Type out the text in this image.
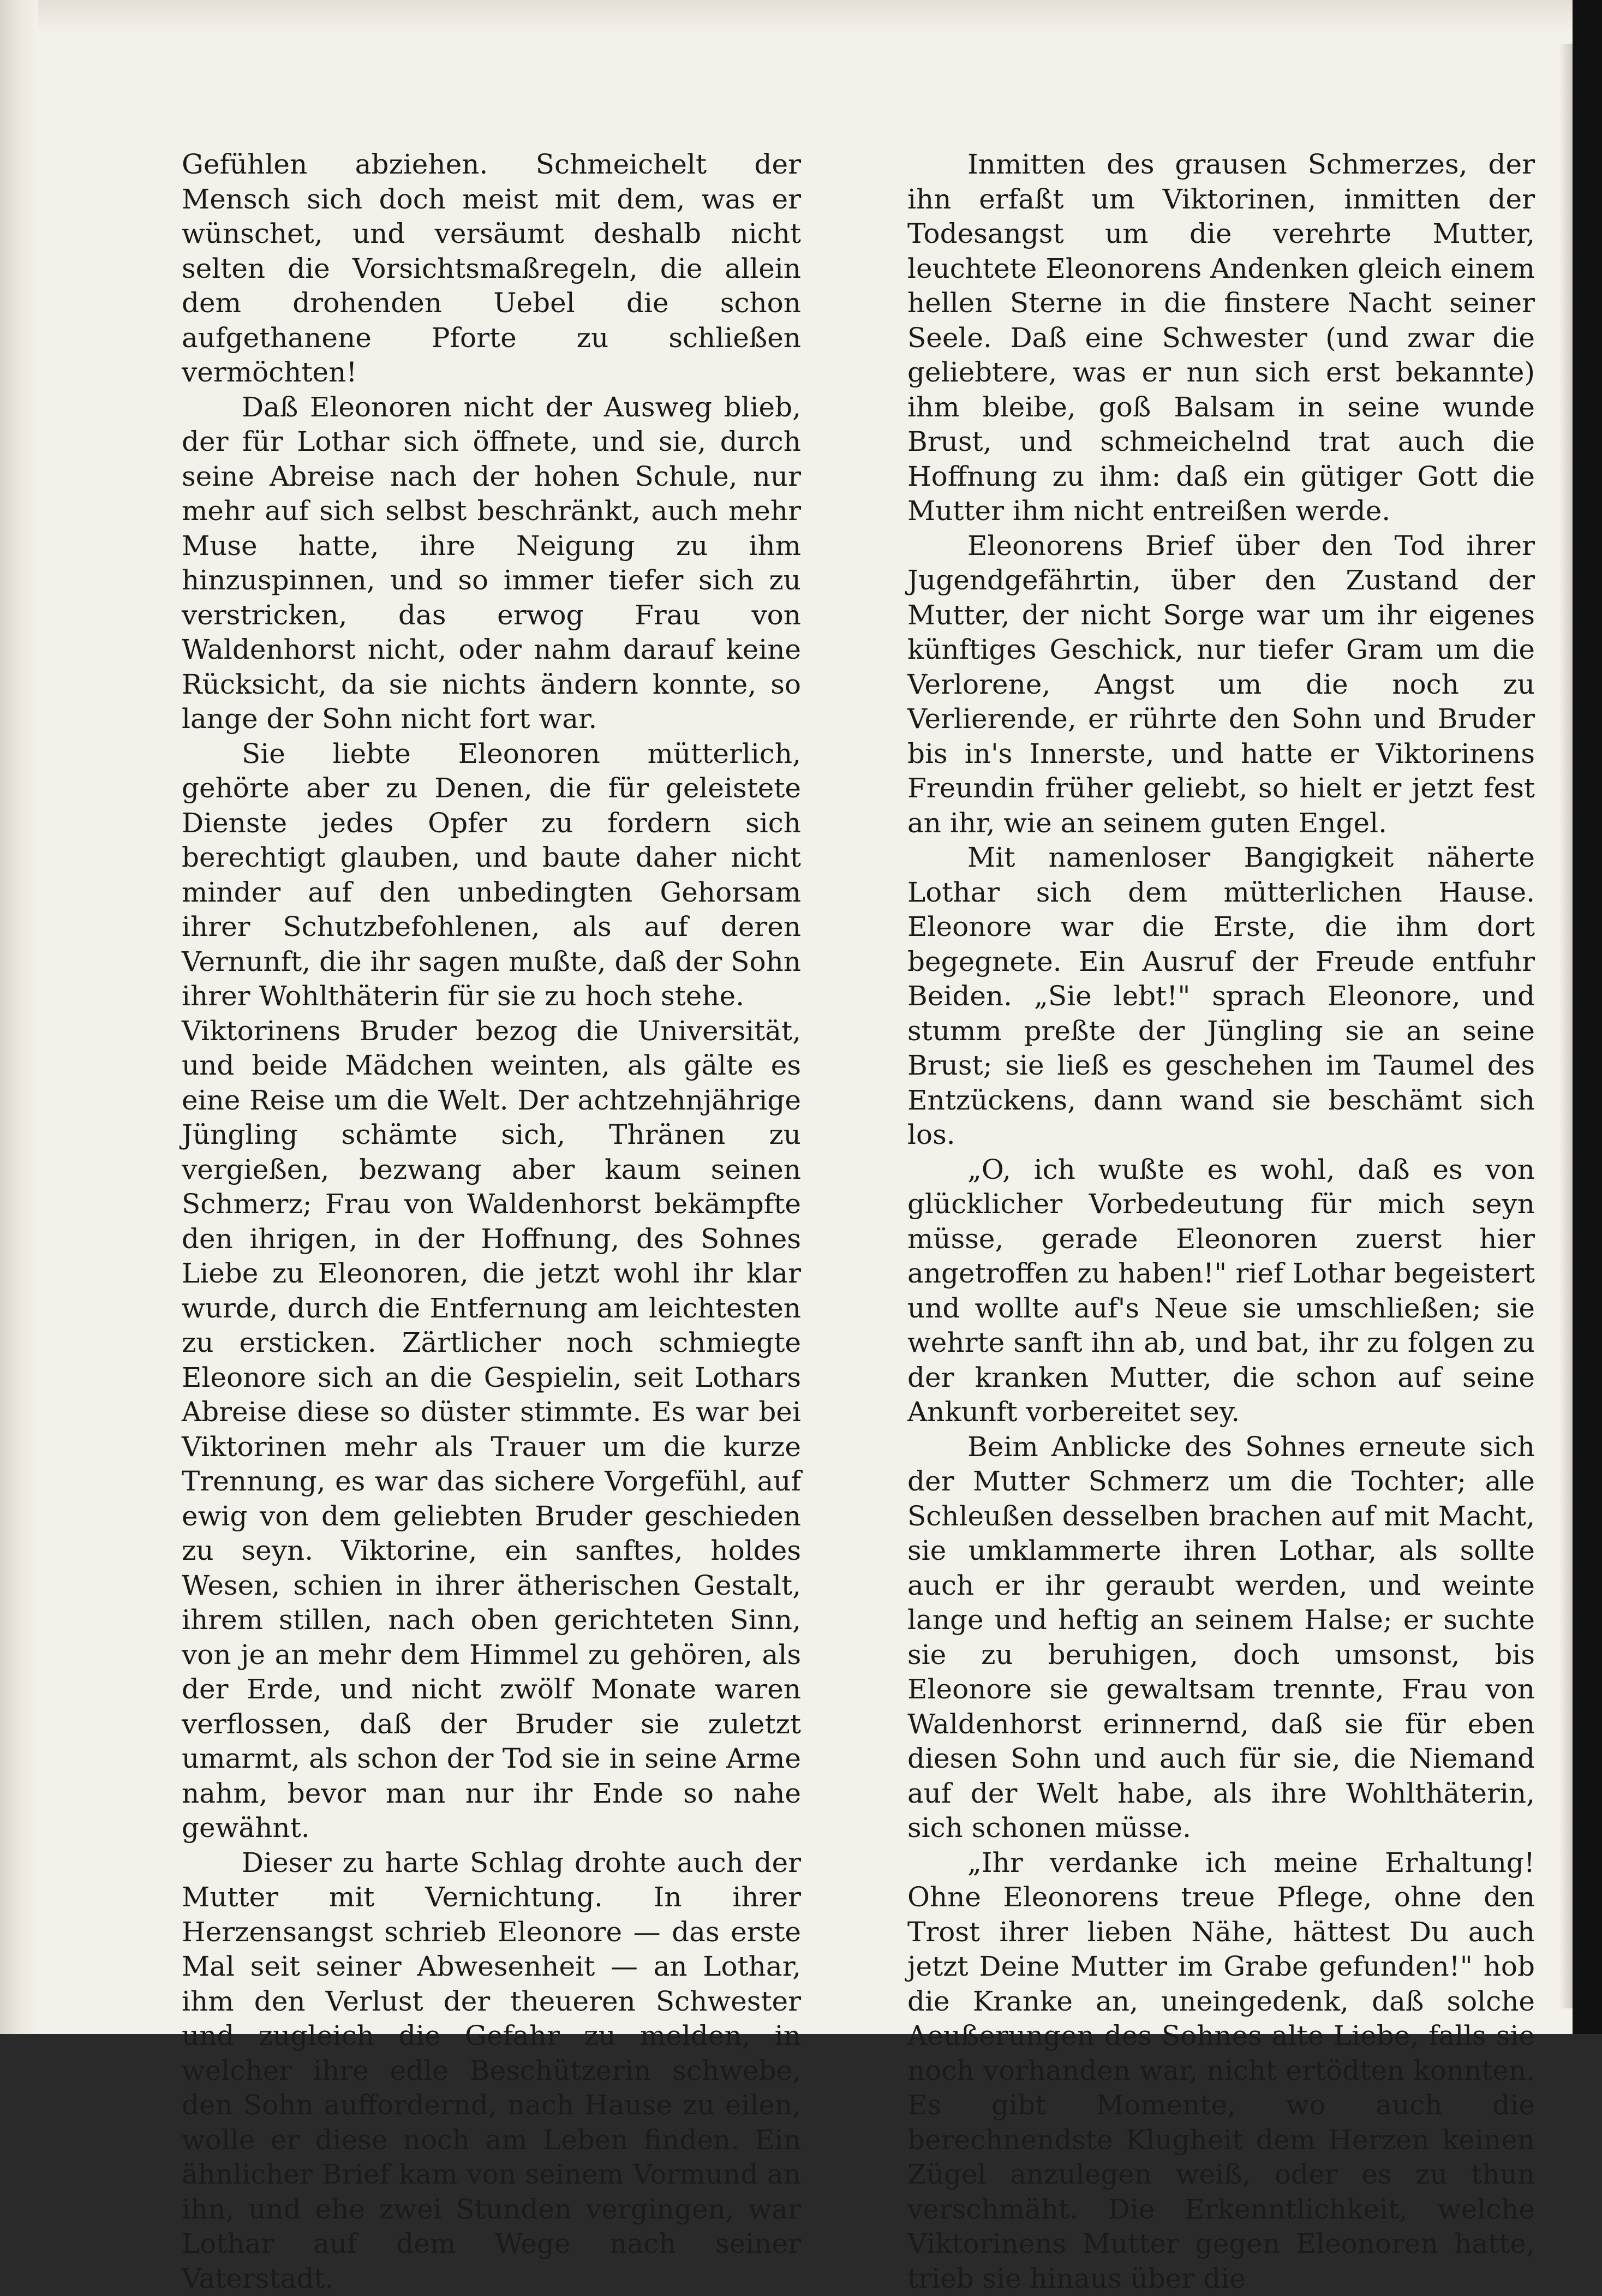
Gefühlen abziehen. Schmeichelt der Mensch sich doch meist mit dem, was er wünschet, und versäumt deshalb nicht selten die Vorsichtsmaßregeln, die allein dem drohenden Uebel die schon aufgethanene Pforte zu schließen vermöchten!

Daß Eleonoren nicht der Ausweg blieb, der für Lothar sich öffnete, und sie, durch seine Abreise nach der hohen Schule, nur mehr auf sich selbst beschränkt, auch mehr Muse hatte, ihre Neigung zu ihm hinzuspinnen, und so immer tiefer sich zu verstricken, das erwog Frau von Waldenhorst nicht, oder nahm darauf keine Rücksicht, da sie nichts ändern konnte, so lange der Sohn nicht fort war.

Sie liebte Eleonoren mütterlich, gehörte aber zu Denen, die für geleistete Dienste jedes Opfer zu fordern sich berechtigt glauben, und baute daher nicht minder auf den unbedingten Gehorsam ihrer Schutzbefohlenen, als auf deren Vernunft, die ihr sagen mußte, daß der Sohn ihrer Wohlthäterin für sie zu hoch stehe.

Viktorinens Bruder bezog die Universität, und beide Mädchen weinten, als gälte es eine Reise um die Welt. Der achtzehnjährige Jüngling schämte sich, Thränen zu vergießen, bezwang aber kaum seinen Schmerz; Frau von Waldenhorst bekämpfte den ihrigen, in der Hoffnung, des Sohnes Liebe zu Eleonoren, die jetzt wohl ihr klar wurde, durch die Entfernung am leichtesten zu ersticken. Zärtlicher noch schmiegte Eleonore sich an die Gespielin, seit Lothars Abreise diese so düster stimmte. Es war bei Viktorinen mehr als Trauer um die kurze Trennung, es war das sichere Vorgefühl, auf ewig von dem geliebten Bruder geschieden zu seyn. Viktorine, ein sanftes, holdes Wesen, schien in ihrer ätherischen Gestalt, ihrem stillen, nach oben gerichteten Sinn, von je an mehr dem Himmel zu gehören, als der Erde, und nicht zwölf Monate waren verflossen, daß der Bruder sie zuletzt umarmt, als schon der Tod sie in seine Arme nahm, bevor man nur ihr Ende so nahe gewähnt.

Dieser zu harte Schlag drohte auch der Mutter mit Vernichtung. In ihrer Herzensangst schrieb Eleonore — das erste Mal seit seiner Abwesenheit — an Lothar, ihm den Verlust der theueren Schwester und zugleich die Gefahr zu melden, in welcher ihre edle Beschützerin schwebe, den Sohn auffordernd, nach Hause zu eilen, wolle er diese noch am Leben finden. Ein ähnlicher Brief kam von seinem Vormund an ihn, und ehe zwei Stunden vergingen, war Lothar auf dem Wege nach seiner Vaterstadt.

Inmitten des grausen Schmerzes, der ihn erfaßt um Viktorinen, inmitten der Todesangst um die verehrte Mutter, leuchtete Eleonorens Andenken gleich einem hellen Sterne in die finstere Nacht seiner Seele. Daß eine Schwester (und zwar die geliebtere, was er nun sich erst bekannte) ihm bleibe, goß Balsam in seine wunde Brust, und schmeichelnd trat auch die Hoffnung zu ihm: daß ein gütiger Gott die Mutter ihm nicht entreißen werde.

Eleonorens Brief über den Tod ihrer Jugendgefährtin, über den Zustand der Mutter, der nicht Sorge war um ihr eigenes künftiges Geschick, nur tiefer Gram um die Verlorene, Angst um die noch zu Verlierende, er rührte den Sohn und Bruder bis in's Innerste, und hatte er Viktorinens Freundin früher geliebt, so hielt er jetzt fest an ihr, wie an seinem guten Engel.

Mit namenloser Bangigkeit näherte Lothar sich dem mütterlichen Hause. Eleonore war die Erste, die ihm dort begegnete. Ein Ausruf der Freude entfuhr Beiden. „Sie lebt!" sprach Eleonore, und stumm preßte der Jüngling sie an seine Brust; sie ließ es geschehen im Taumel des Entzückens, dann wand sie beschämt sich los.

„O, ich wußte es wohl, daß es von glücklicher Vorbedeutung für mich seyn müsse, gerade Eleonoren zuerst hier angetroffen zu haben!" rief Lothar begeistert und wollte auf's Neue sie umschließen; sie wehrte sanft ihn ab, und bat, ihr zu folgen zu der kranken Mutter, die schon auf seine Ankunft vorbereitet sey.

Beim Anblicke des Sohnes erneute sich der Mutter Schmerz um die Tochter; alle Schleußen desselben brachen auf mit Macht, sie umklammerte ihren Lothar, als sollte auch er ihr geraubt werden, und weinte lange und heftig an seinem Halse; er suchte sie zu beruhigen, doch umsonst, bis Eleonore sie gewaltsam trennte, Frau von Waldenhorst erinnernd, daß sie für eben diesen Sohn und auch für sie, die Niemand auf der Welt habe, als ihre Wohlthäterin, sich schonen müsse.

„Ihr verdanke ich meine Erhaltung! Ohne Eleonorens treue Pflege, ohne den Trost ihrer lieben Nähe, hättest Du auch jetzt Deine Mutter im Grabe gefunden!" hob die Kranke an, uneingedenk, daß solche Aeußerungen des Sohnes alte Liebe, falls sie noch vorhanden war, nicht ertödten konnten. Es gibt Momente, wo auch die berechnendste Klugheit dem Herzen keinen Zügel anzulegen weiß, oder es zu thun verschmäht. Die Erkenntlichkeit, welche Viktorinens Mutter gegen Eleonoren hatte, trieb sie hinaus über die
